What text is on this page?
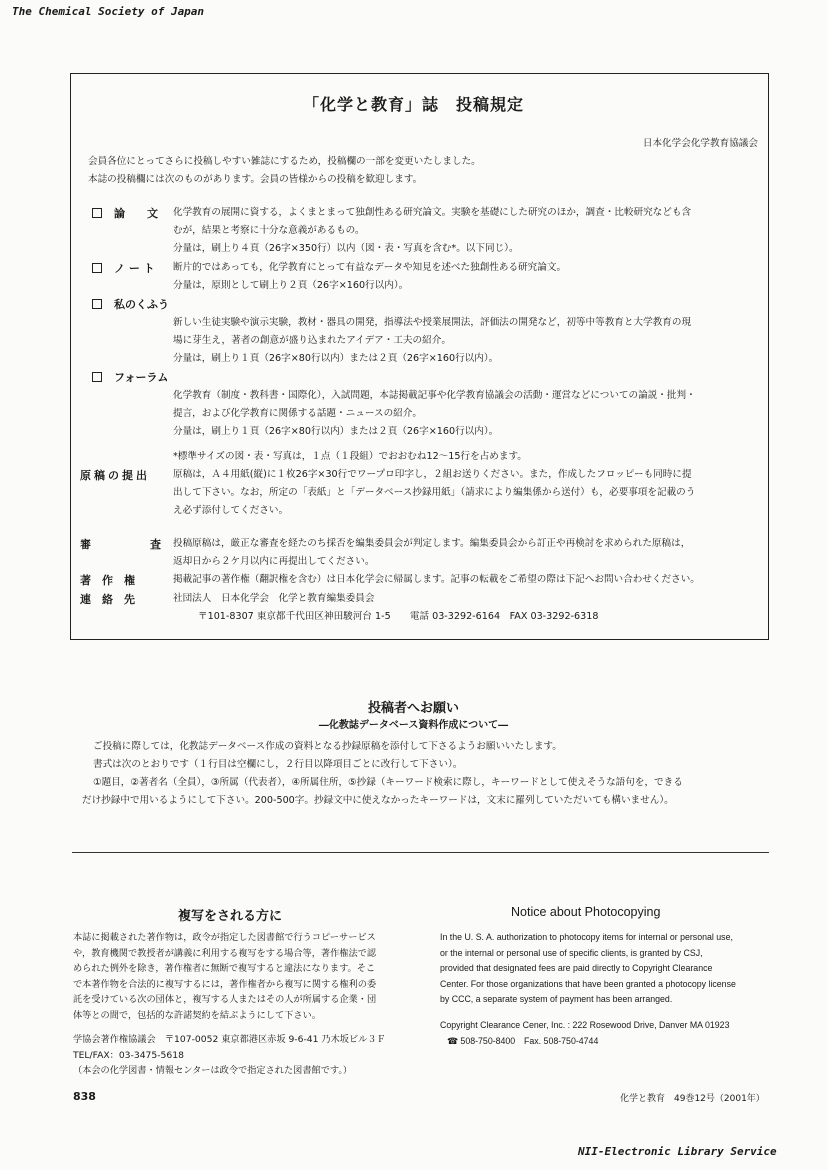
The Chemical Society of Japan
「化学と教育」誌　投稿規定
日本化学会化学教育協議会
会員各位にとってさらに投稿しやすい雑誌にするため，投稿欄の一部を変更いたしました。
本誌の投稿欄には次のものがあります。会員の皆様からの投稿を歓迎します。
論　　文 化学教育の展開に資する，よくまとまって独創性ある研究論文。実験を基礎にした研究のほか，調査・比較研究なども含
むが，結果と考察に十分な意義があるもの。
分量は，刷上り４頁（26字×350行）以内（図・表・写真を含む*。以下同じ）。
ノ ー ト 断片的ではあっても，化学教育にとって有益なデータや知見を述べた独創性ある研究論文。
分量は，原則として刷上り２頁（26字×160行以内）。
私のくふう
新しい生徒実験や演示実験，教材・器具の開発，指導法や授業展開法，評価法の開発など，初等中等教育と大学教育の現
場に芽生え，著者の創意が盛り込まれたアイデア・工夫の紹介。
分量は，刷上り１頁（26字×80行以内）または２頁（26字×160行以内）。
フォーラム
化学教育（制度・教科書・国際化），入試問題，本誌掲載記事や化学教育協議会の活動・運営などについての論説・批判・
提言，および化学教育に関係する話題・ニュースの紹介。
分量は，刷上り１頁（26字×80行以内）または２頁（26字×160行以内）。
*標準サイズの図・表・写真は，１点（１段組）でおおむね12～15行を占めます。
原稿の提出 原稿は，Ａ４用紙(縦)に１枚26字×30行でワープロ印字し，２組お送りください。また，作成したフロッピーも同時に提
出して下さい。なお，所定の「表紙」と「データベース抄録用紙」（請求により編集係から送付）も，必要事項を記載のう
え必ず添付してください。
審	査 投稿原稿は，厳正な審査を経たのち採否を編集委員会が判定します。編集委員会から訂正や再検討を求められた原稿は，
返却日から２ケ月以内に再提出してください。
著　作　権	掲載記事の著作権（翻訳権を含む）は日本化学会に帰属します。記事の転載をご希望の際は下記へお問い合わせください。
連　絡　先	社団法人　日本化学会　化学と教育編集委員会
〒101-8307 東京都千代田区神田駿河台 1-5　　電話 03-3292-6164　FAX 03-3292-6318
投稿者へお願い
―化教誌データベース資料作成について―
ご投稿に際しては，化教誌データベース作成の資料となる抄録原稿を添付して下さるようお願いいたします。
書式は次のとおりです（１行目は空欄にし，２行目以降項目ごとに改行して下さい）。
①題目，②著者名（全員），③所属（代表者），④所属住所，⑤抄録（キーワード検索に際し，キーワードとして使えそうな語句を，できる
だけ抄録中で用いるようにして下さい。200-500字。抄録文中に使えなかったキーワードは，文末に羅列していただいても構いません）。
複写をされる方に
本誌に掲載された著作物は，政令が指定した図書館で行うコピーサービス
や，教育機関で教授者が講義に利用する複写をする場合等，著作権法で認
められた例外を除き，著作権者に無断で複写すると違法になります。そこ
で本著作物を合法的に複写するには，著作権者から複写に関する権利の委
託を受けている次の団体と，複写する人またはその人が所属する企業・団
体等との間で，包括的な許諾契約を結ぶようにして下さい。
学協会著作権協議会　〒107-0052 東京都港区赤坂 9-6-41 乃木坂ビル３Ｆ
TEL/FAX：03-3475-5618
（本会の化学図書・情報センターは政令で指定された図書館です。）
Notice about Photocopying
In the U. S. A. authorization to photocopy items for internal or personal use,
or the internal or personal use of specific clients, is granted by CSJ,
provided that designated fees are paid directly to Copyright Clearance
Center. For those organizations that have been granted a photocopy license
by CCC, a separate system of payment has been arranged.
Copyright Clearance Cener, Inc. : 222 Rosewood Drive, Danver MA 01923
☎ 508-750-8400　Fax. 508-750-4744
838	化学と教育　49巻12号（2001年）
NII-Electronic Library Service
